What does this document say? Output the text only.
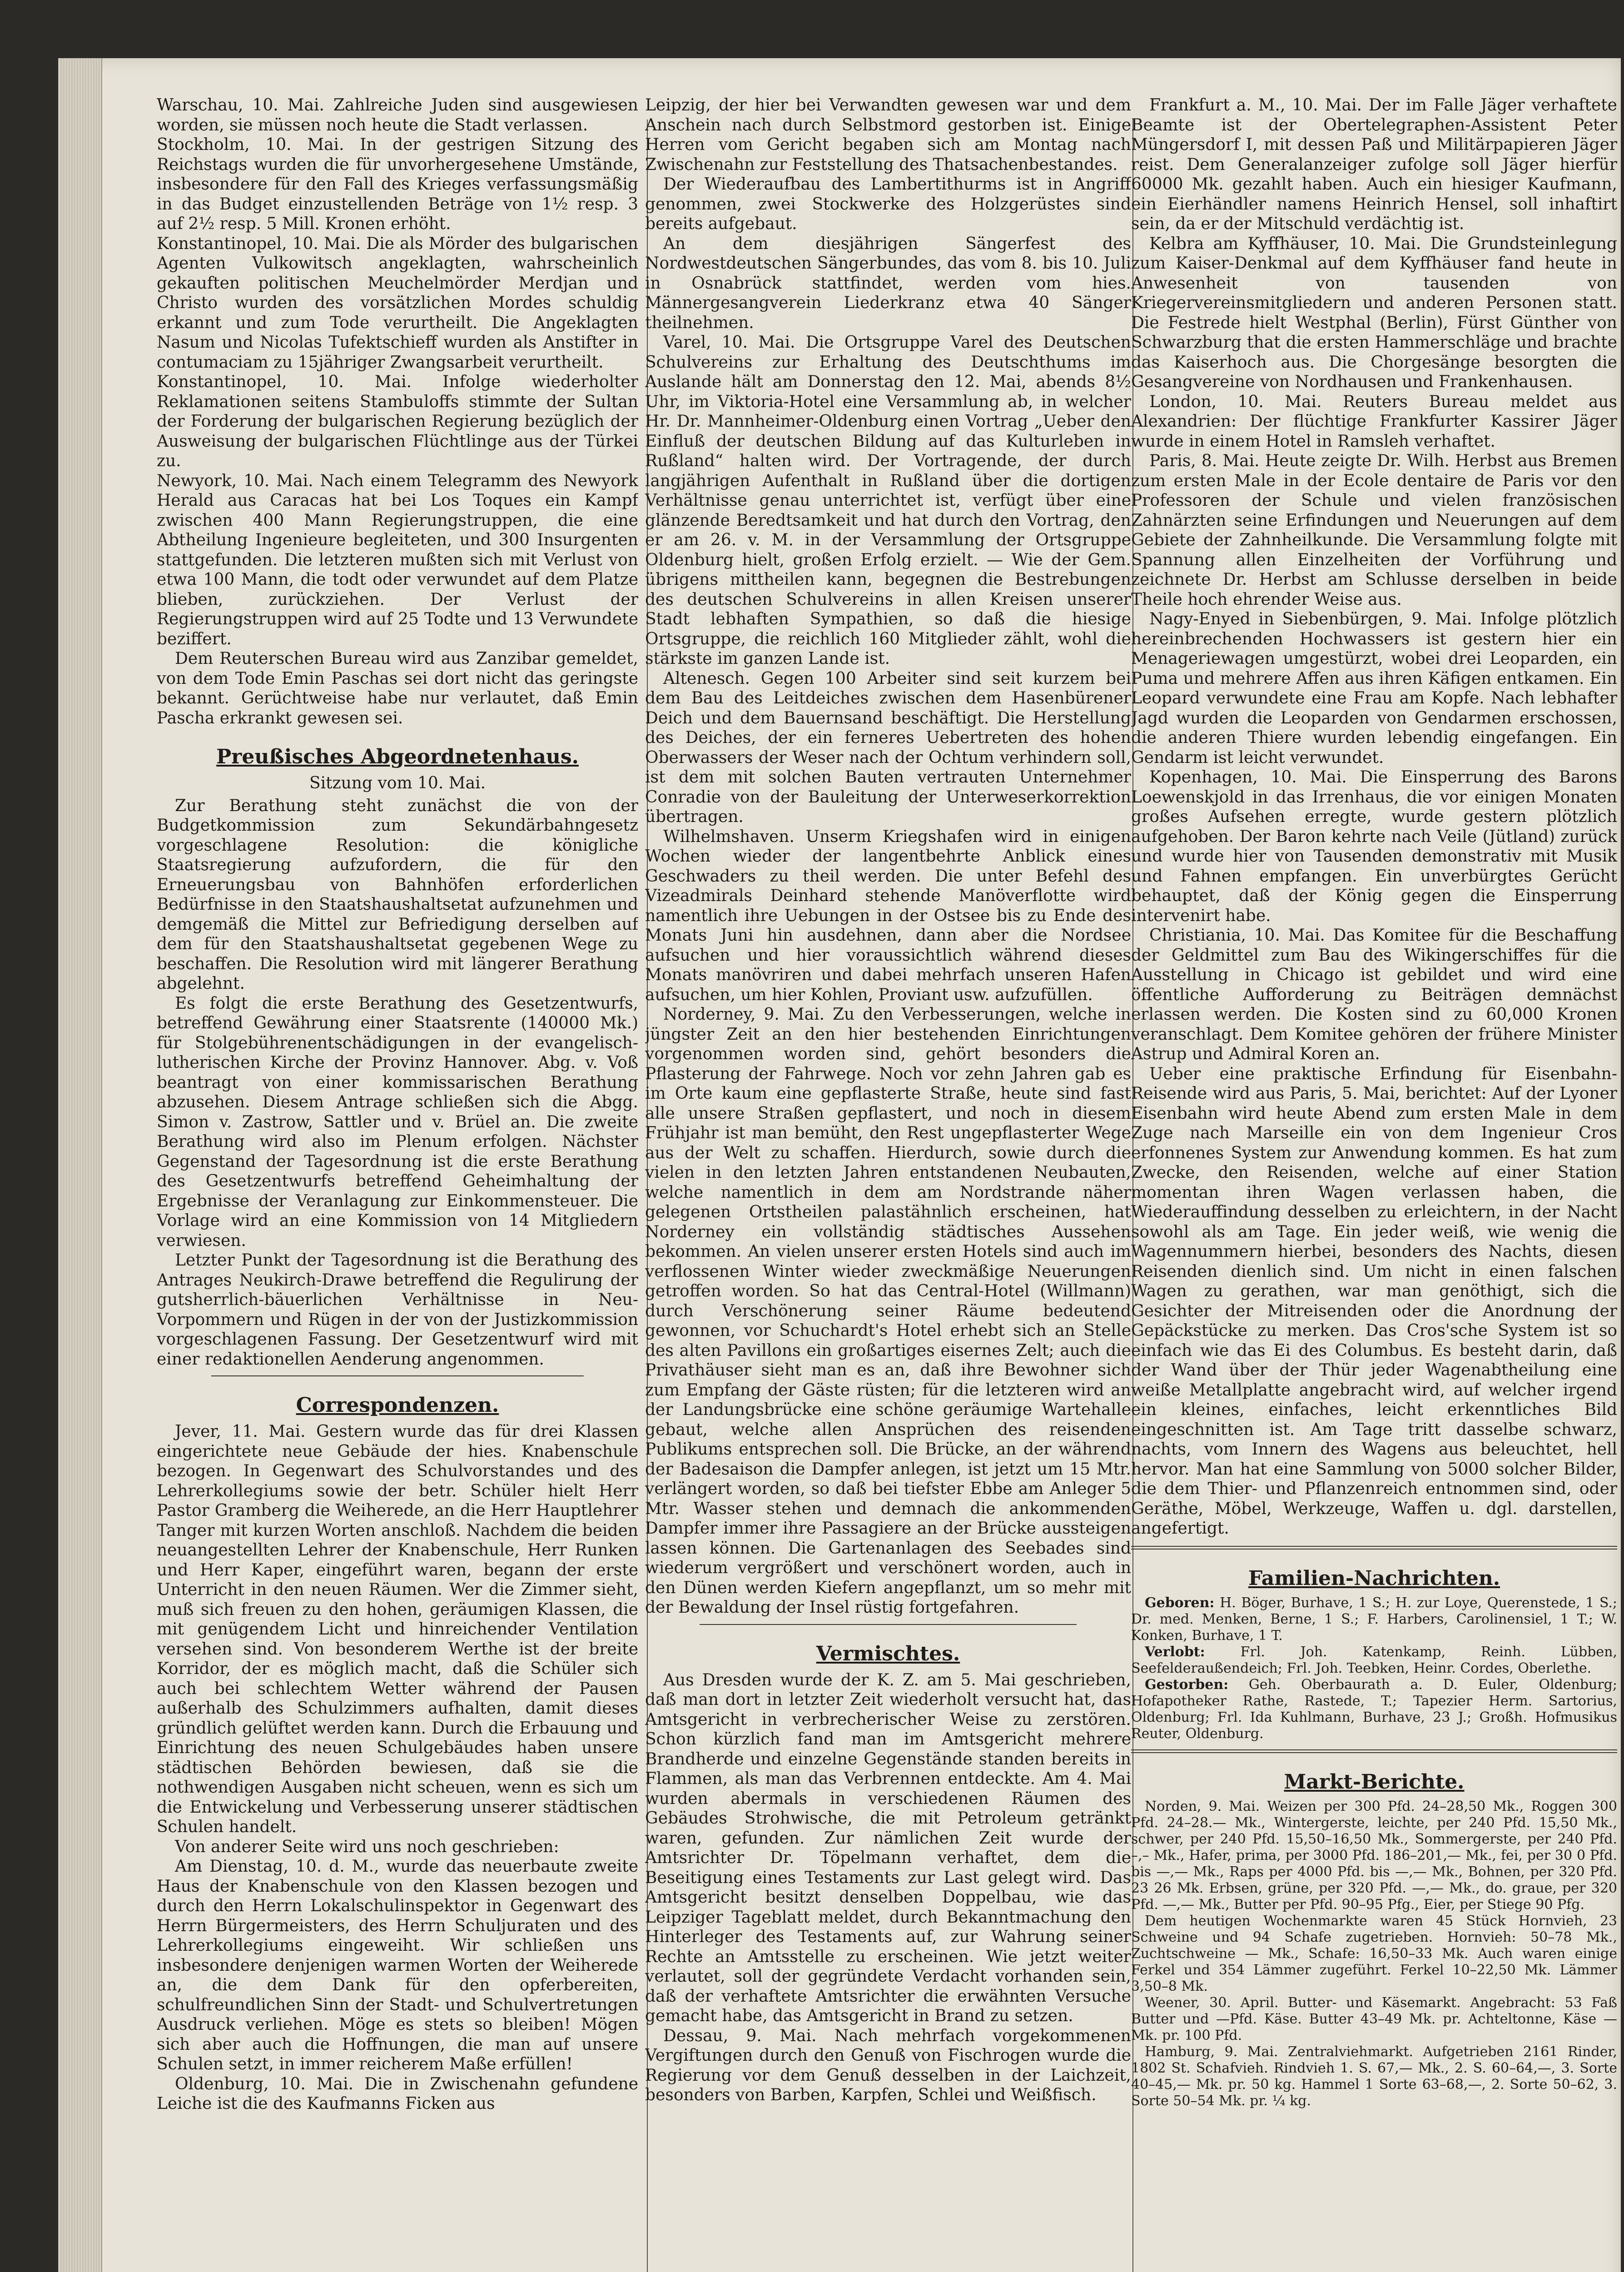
Warschau, 10. Mai. Zahlreiche Juden sind ausgewiesen worden, sie müssen noch heute die Stadt verlassen.

Stockholm, 10. Mai. In der gestrigen Sitzung des Reichstags wurden die für unvorhergesehene Umstände, insbesondere für den Fall des Krieges verfassungsmäßig in das Budget einzustellenden Beträge von 1½ resp. 3 auf 2½ resp. 5 Mill. Kronen erhöht.

Konstantinopel, 10. Mai. Die als Mörder des bulgarischen Agenten Vulkowitsch angeklagten, wahrscheinlich gekauften politischen Meuchelmörder Merdjan und Christo wurden des vorsätzlichen Mordes schuldig erkannt und zum Tode verurtheilt. Die Angeklagten Nasum und Nicolas Tufektschieff wurden als Anstifter in contumaciam zu 15jähriger Zwangsarbeit verurtheilt.

Konstantinopel, 10. Mai. Infolge wiederholter Reklamationen seitens Stambuloffs stimmte der Sultan der Forderung der bulgarischen Regierung bezüglich der Ausweisung der bulgarischen Flüchtlinge aus der Türkei zu.

Newyork, 10. Mai. Nach einem Telegramm des Newyork Herald aus Caracas hat bei Los Toques ein Kampf zwischen 400 Mann Regierungstruppen, die eine Abtheilung Ingenieure begleiteten, und 300 Insurgenten stattgefunden. Die letzteren mußten sich mit Verlust von etwa 100 Mann, die todt oder verwundet auf dem Platze blieben, zurückziehen. Der Verlust der Regierungstruppen wird auf 25 Todte und 13 Verwundete beziffert.

Dem Reuterschen Bureau wird aus Zanzibar gemeldet, von dem Tode Emin Paschas sei dort nicht das geringste bekannt. Gerüchtweise habe nur verlautet, daß Emin Pascha erkrankt gewesen sei.

Preußisches Abgeordnetenhaus.
Sitzung vom 10. Mai.

Zur Berathung steht zunächst die von der Budgetkommission zum Sekundärbahngesetz vorgeschlagene Resolution: die königliche Staatsregierung aufzufordern, die für den Erneuerungsbau von Bahnhöfen erforderlichen Bedürfnisse in den Staatshaushaltsetat aufzunehmen und demgemäß die Mittel zur Befriedigung derselben auf dem für den Staatshaushaltsetat gegebenen Wege zu beschaffen. Die Resolution wird mit längerer Berathung abgelehnt.

Es folgt die erste Berathung des Gesetzentwurfs, betreffend Gewährung einer Staatsrente (140000 Mk.) für Stolgebührenentschädigungen in der evangelisch-lutherischen Kirche der Provinz Hannover. Abg. v. Voß beantragt von einer kommissarischen Berathung abzusehen. Diesem Antrage schließen sich die Abgg. Simon v. Zastrow, Sattler und v. Brüel an. Die zweite Berathung wird also im Plenum erfolgen. Nächster Gegenstand der Tagesordnung ist die erste Berathung des Gesetzentwurfs betreffend Geheimhaltung der Ergebnisse der Veranlagung zur Einkommensteuer. Die Vorlage wird an eine Kommission von 14 Mitgliedern verwiesen.

Letzter Punkt der Tagesordnung ist die Berathung des Antrages Neukirch-Drawe betreffend die Regulirung der gutsherrlich-bäuerlichen Verhältnisse in Neu-Vorpommern und Rügen in der von der Justizkommission vorgeschlagenen Fassung. Der Gesetzentwurf wird mit einer redaktionellen Aenderung angenommen.

Correspondenzen.

Jever, 11. Mai. Gestern wurde das für drei Klassen eingerichtete neue Gebäude der hies. Knabenschule bezogen. In Gegenwart des Schulvorstandes und des Lehrerkollegiums sowie der betr. Schüler hielt Herr Pastor Gramberg die Weiherede, an die Herr Hauptlehrer Tanger mit kurzen Worten anschloß. Nachdem die beiden neuangestellten Lehrer der Knabenschule, Herr Runken und Herr Kaper, eingeführt waren, begann der erste Unterricht in den neuen Räumen. Wer die Zimmer sieht, muß sich freuen zu den hohen, geräumigen Klassen, die mit genügendem Licht und hinreichender Ventilation versehen sind. Von besonderem Werthe ist der breite Korridor, der es möglich macht, daß die Schüler sich auch bei schlechtem Wetter während der Pausen außerhalb des Schulzimmers aufhalten, damit dieses gründlich gelüftet werden kann. Durch die Erbauung und Einrichtung des neuen Schulgebäudes haben unsere städtischen Behörden bewiesen, daß sie die nothwendigen Ausgaben nicht scheuen, wenn es sich um die Entwickelung und Verbesserung unserer städtischen Schulen handelt.

Von anderer Seite wird uns noch geschrieben:

Am Dienstag, 10. d. M., wurde das neuerbaute zweite Haus der Knabenschule von den Klassen bezogen und durch den Herrn Lokalschulinspektor in Gegenwart des Herrn Bürgermeisters, des Herrn Schuljuraten und des Lehrerkollegiums eingeweiht. Wir schließen uns insbesondere denjenigen warmen Worten der Weiherede an, die dem Dank für den opferbereiten, schulfreundlichen Sinn der Stadt- und Schulvertretungen Ausdruck verliehen. Möge es stets so bleiben! Mögen sich aber auch die Hoffnungen, die man auf unsere Schulen setzt, in immer reicherem Maße erfüllen!

Oldenburg, 10. Mai. Die in Zwischenahn gefundene Leiche ist die des Kaufmanns Ficken aus

Leipzig, der hier bei Verwandten gewesen war und dem Anschein nach durch Selbstmord gestorben ist. Einige Herren vom Gericht begaben sich am Montag nach Zwischenahn zur Feststellung des Thatsachenbestandes.

Der Wiederaufbau des Lambertithurms ist in Angriff genommen, zwei Stockwerke des Holzgerüstes sind bereits aufgebaut.

An dem diesjährigen Sängerfest des Nordwestdeutschen Sängerbundes, das vom 8. bis 10. Juli in Osnabrück stattfindet, werden vom hies. Männergesangverein Liederkranz etwa 40 Sänger theilnehmen.

Varel, 10. Mai. Die Ortsgruppe Varel des Deutschen Schulvereins zur Erhaltung des Deutschthums im Auslande hält am Donnerstag den 12. Mai, abends 8½ Uhr, im Viktoria-Hotel eine Versammlung ab, in welcher Hr. Dr. Mannheimer-Oldenburg einen Vortrag „Ueber den Einfluß der deutschen Bildung auf das Kulturleben in Rußland“ halten wird. Der Vortragende, der durch langjährigen Aufenthalt in Rußland über die dortigen Verhältnisse genau unterrichtet ist, verfügt über eine glänzende Beredtsamkeit und hat durch den Vortrag, den er am 26. v. M. in der Versammlung der Ortsgruppe Oldenburg hielt, großen Erfolg erzielt. — Wie der Gem. übrigens mittheilen kann, begegnen die Bestrebungen des deutschen Schulvereins in allen Kreisen unserer Stadt lebhaften Sympathien, so daß die hiesige Ortsgruppe, die reichlich 160 Mitglieder zählt, wohl die stärkste im ganzen Lande ist.

Altenesch. Gegen 100 Arbeiter sind seit kurzem bei dem Bau des Leitdeiches zwischen dem Hasenbürener Deich und dem Bauernsand beschäftigt. Die Herstellung des Deiches, der ein ferneres Uebertreten des hohen Oberwassers der Weser nach der Ochtum verhindern soll, ist dem mit solchen Bauten vertrauten Unternehmer Conradie von der Bauleitung der Unterweserkorrektion übertragen.

Wilhelmshaven. Unserm Kriegshafen wird in einigen Wochen wieder der langentbehrte Anblick eines Geschwaders zu theil werden. Die unter Befehl des Vizeadmirals Deinhard stehende Manöverflotte wird namentlich ihre Uebungen in der Ostsee bis zu Ende des Monats Juni hin ausdehnen, dann aber die Nordsee aufsuchen und hier voraussichtlich während dieses Monats manövriren und dabei mehrfach unseren Hafen aufsuchen, um hier Kohlen, Proviant usw. aufzufüllen.

Norderney, 9. Mai. Zu den Verbesserungen, welche in jüngster Zeit an den hier bestehenden Einrichtungen vorgenommen worden sind, gehört besonders die Pflasterung der Fahrwege. Noch vor zehn Jahren gab es im Orte kaum eine gepflasterte Straße, heute sind fast alle unsere Straßen gepflastert, und noch in diesem Frühjahr ist man bemüht, den Rest ungepflasterter Wege aus der Welt zu schaffen. Hierdurch, sowie durch die vielen in den letzten Jahren entstandenen Neubauten, welche namentlich in dem am Nordstrande näher gelegenen Ortstheilen palastähnlich erscheinen, hat Norderney ein vollständig städtisches Aussehen bekommen. An vielen unserer ersten Hotels sind auch im verflossenen Winter wieder zweckmäßige Neuerungen getroffen worden. So hat das Central-Hotel (Willmann) durch Verschönerung seiner Räume bedeutend gewonnen, vor Schuchardt's Hotel erhebt sich an Stelle des alten Pavillons ein großartiges eisernes Zelt; auch die Privathäuser sieht man es an, daß ihre Bewohner sich zum Empfang der Gäste rüsten; für die letzteren wird an der Landungsbrücke eine schöne geräumige Wartehalle gebaut, welche allen Ansprüchen des reisenden Publikums entsprechen soll. Die Brücke, an der während der Badesaison die Dampfer anlegen, ist jetzt um 15 Mtr. verlängert worden, so daß bei tiefster Ebbe am Anleger 5 Mtr. Wasser stehen und demnach die ankommenden Dampfer immer ihre Passagiere an der Brücke aussteigen lassen können. Die Gartenanlagen des Seebades sind wiederum vergrößert und verschönert worden, auch in den Dünen werden Kiefern angepflanzt, um so mehr mit der Bewaldung der Insel rüstig fortgefahren.

Vermischtes.

Aus Dresden wurde der K. Z. am 5. Mai geschrieben, daß man dort in letzter Zeit wiederholt versucht hat, das Amtsgericht in verbrecherischer Weise zu zerstören. Schon kürzlich fand man im Amtsgericht mehrere Brandherde und einzelne Gegenstände standen bereits in Flammen, als man das Verbrennen entdeckte. Am 4. Mai wurden abermals in verschiedenen Räumen des Gebäudes Strohwische, die mit Petroleum getränkt waren, gefunden. Zur nämlichen Zeit wurde der Amtsrichter Dr. Töpelmann verhaftet, dem die Beseitigung eines Testaments zur Last gelegt wird. Das Amtsgericht besitzt denselben Doppelbau, wie das Leipziger Tageblatt meldet, durch Bekanntmachung den Hinterleger des Testaments auf, zur Wahrung seiner Rechte an Amtsstelle zu erscheinen. Wie jetzt weiter verlautet, soll der gegründete Verdacht vorhanden sein, daß der verhaftete Amtsrichter die erwähnten Versuche gemacht habe, das Amtsgericht in Brand zu setzen.

Dessau, 9. Mai. Nach mehrfach vorgekommenen Vergiftungen durch den Genuß von Fischrogen wurde die Regierung vor dem Genuß desselben in der Laichzeit, besonders von Barben, Karpfen, Schlei und Weißfisch.

Frankfurt a. M., 10. Mai. Der im Falle Jäger verhaftete Beamte ist der Obertelegraphen-Assistent Peter Müngersdorf I, mit dessen Paß und Militärpapieren Jäger reist. Dem Generalanzeiger zufolge soll Jäger hierfür 60000 Mk. gezahlt haben. Auch ein hiesiger Kaufmann, ein Eierhändler namens Heinrich Hensel, soll inhaftirt sein, da er der Mitschuld verdächtig ist.

Kelbra am Kyffhäuser, 10. Mai. Die Grundsteinlegung zum Kaiser-Denkmal auf dem Kyffhäuser fand heute in Anwesenheit von tausenden von Kriegervereinsmitgliedern und anderen Personen statt. Die Festrede hielt Westphal (Berlin), Fürst Günther von Schwarzburg that die ersten Hammerschläge und brachte das Kaiserhoch aus. Die Chorgesänge besorgten die Gesangvereine von Nordhausen und Frankenhausen.

London, 10. Mai. Reuters Bureau meldet aus Alexandrien: Der flüchtige Frankfurter Kassirer Jäger wurde in einem Hotel in Ramsleh verhaftet.

Paris, 8. Mai. Heute zeigte Dr. Wilh. Herbst aus Bremen zum ersten Male in der Ecole dentaire de Paris vor den Professoren der Schule und vielen französischen Zahnärzten seine Erfindungen und Neuerungen auf dem Gebiete der Zahnheilkunde. Die Versammlung folgte mit Spannung allen Einzelheiten der Vorführung und zeichnete Dr. Herbst am Schlusse derselben in beide Theile hoch ehrender Weise aus.

Nagy-Enyed in Siebenbürgen, 9. Mai. Infolge plötzlich hereinbrechenden Hochwassers ist gestern hier ein Menageriewagen umgestürzt, wobei drei Leoparden, ein Puma und mehrere Affen aus ihren Käfigen entkamen. Ein Leopard verwundete eine Frau am Kopfe. Nach lebhafter Jagd wurden die Leoparden von Gendarmen erschossen, die anderen Thiere wurden lebendig eingefangen. Ein Gendarm ist leicht verwundet.

Kopenhagen, 10. Mai. Die Einsperrung des Barons Loewenskjold in das Irrenhaus, die vor einigen Monaten großes Aufsehen erregte, wurde gestern plötzlich aufgehoben. Der Baron kehrte nach Veile (Jütland) zurück und wurde hier von Tausenden demonstrativ mit Musik und Fahnen empfangen. Ein unverbürgtes Gerücht behauptet, daß der König gegen die Einsperrung intervenirt habe.

Christiania, 10. Mai. Das Komitee für die Beschaffung der Geldmittel zum Bau des Wikingerschiffes für die Ausstellung in Chicago ist gebildet und wird eine öffentliche Aufforderung zu Beiträgen demnächst erlassen werden. Die Kosten sind zu 60,000 Kronen veranschlagt. Dem Komitee gehören der frühere Minister Astrup und Admiral Koren an.

Ueber eine praktische Erfindung für Eisenbahn-Reisende wird aus Paris, 5. Mai, berichtet: Auf der Lyoner Eisenbahn wird heute Abend zum ersten Male in dem Zuge nach Marseille ein von dem Ingenieur Cros erfonnenes System zur Anwendung kommen. Es hat zum Zwecke, den Reisenden, welche auf einer Station momentan ihren Wagen verlassen haben, die Wiederauffindung desselben zu erleichtern, in der Nacht sowohl als am Tage. Ein jeder weiß, wie wenig die Wagennummern hierbei, besonders des Nachts, diesen Reisenden dienlich sind. Um nicht in einen falschen Wagen zu gerathen, war man genöthigt, sich die Gesichter der Mitreisenden oder die Anordnung der Gepäckstücke zu merken. Das Cros'sche System ist so einfach wie das Ei des Columbus. Es besteht darin, daß der Wand über der Thür jeder Wagenabtheilung eine weiße Metallplatte angebracht wird, auf welcher irgend ein kleines, einfaches, leicht erkenntliches Bild eingeschnitten ist. Am Tage tritt dasselbe schwarz, nachts, vom Innern des Wagens aus beleuchtet, hell hervor. Man hat eine Sammlung von 5000 solcher Bilder, die dem Thier- und Pflanzenreich entnommen sind, oder Geräthe, Möbel, Werkzeuge, Waffen u. dgl. darstellen, angefertigt.

Familien-Nachrichten.

Geboren: H. Böger, Burhave, 1 S.; H. zur Loye, Querenstede, 1 S.; Dr. med. Menken, Berne, 1 S.; F. Harbers, Carolinensiel, 1 T.; W. Konken, Burhave, 1 T.

Verlobt:	Frl. Joh. Katenkamp, Reinh. Lübben, Seefelderaußendeich; Frl. Joh. Teebken, Heinr. Cordes, Oberlethe.

Gestorben: Geh. Oberbaurath a. D. Euler, Oldenburg; Hofapotheker Rathe, Rastede, T.; Tapezier Herm. Sartorius, Oldenburg; Frl. Ida Kuhlmann, Burhave, 23 J.; Großh. Hofmusikus Reuter, Oldenburg.

Markt-Berichte.

Norden, 9. Mai. Weizen per 300 Pfd. 24–28,50 Mk., Roggen 300 Pfd. 24–28.— Mk., Wintergerste, leichte, per 240 Pfd. 15,50 Mk., schwer, per 240 Pfd. 15,50–16,50 Mk., Sommergerste, per 240 Pfd. –,– Mk., Hafer, prima, per 3000 Pfd. 186–201,— Mk., fei, per 30 0 Pfd. bis —,— Mk., Raps per 4000 Pfd. bis —,— Mk., Bohnen, per 320 Pfd. 23 26 Mk. Erbsen, grüne, per 320 Pfd. —,— Mk., do. graue, per 320 Pfd. —,— Mk., Butter per Pfd. 90–95 Pfg., Eier, per Stiege 90 Pfg.

Dem heutigen Wochenmarkte waren 45 Stück Hornvieh, 23 Schweine und 94 Schafe zugetrieben. Hornvieh: 50–78 Mk., Zuchtschweine — Mk., Schafe: 16,50–33 Mk. Auch waren einige Ferkel und 354 Lämmer zugeführt. Ferkel 10–22,50 Mk. Lämmer 3,50–8 Mk.

Weener, 30. April. Butter- und Käsemarkt. Angebracht: 53 Faß Butter und —Pfd. Käse. Butter 43–49 Mk. pr. Achteltonne, Käse — Mk. pr. 100 Pfd.

Hamburg, 9. Mai. Zentralviehmarkt. Aufgetrieben 2161 Rinder, 1802 St. Schafvieh. Rindvieh 1. S. 67,— Mk., 2. S. 60–64,—, 3. Sorte 40–45,— Mk. pr. 50 kg. Hammel 1 Sorte 63–68,—, 2. Sorte 50–62, 3. Sorte 50–54 Mk. pr. ¼ kg.
